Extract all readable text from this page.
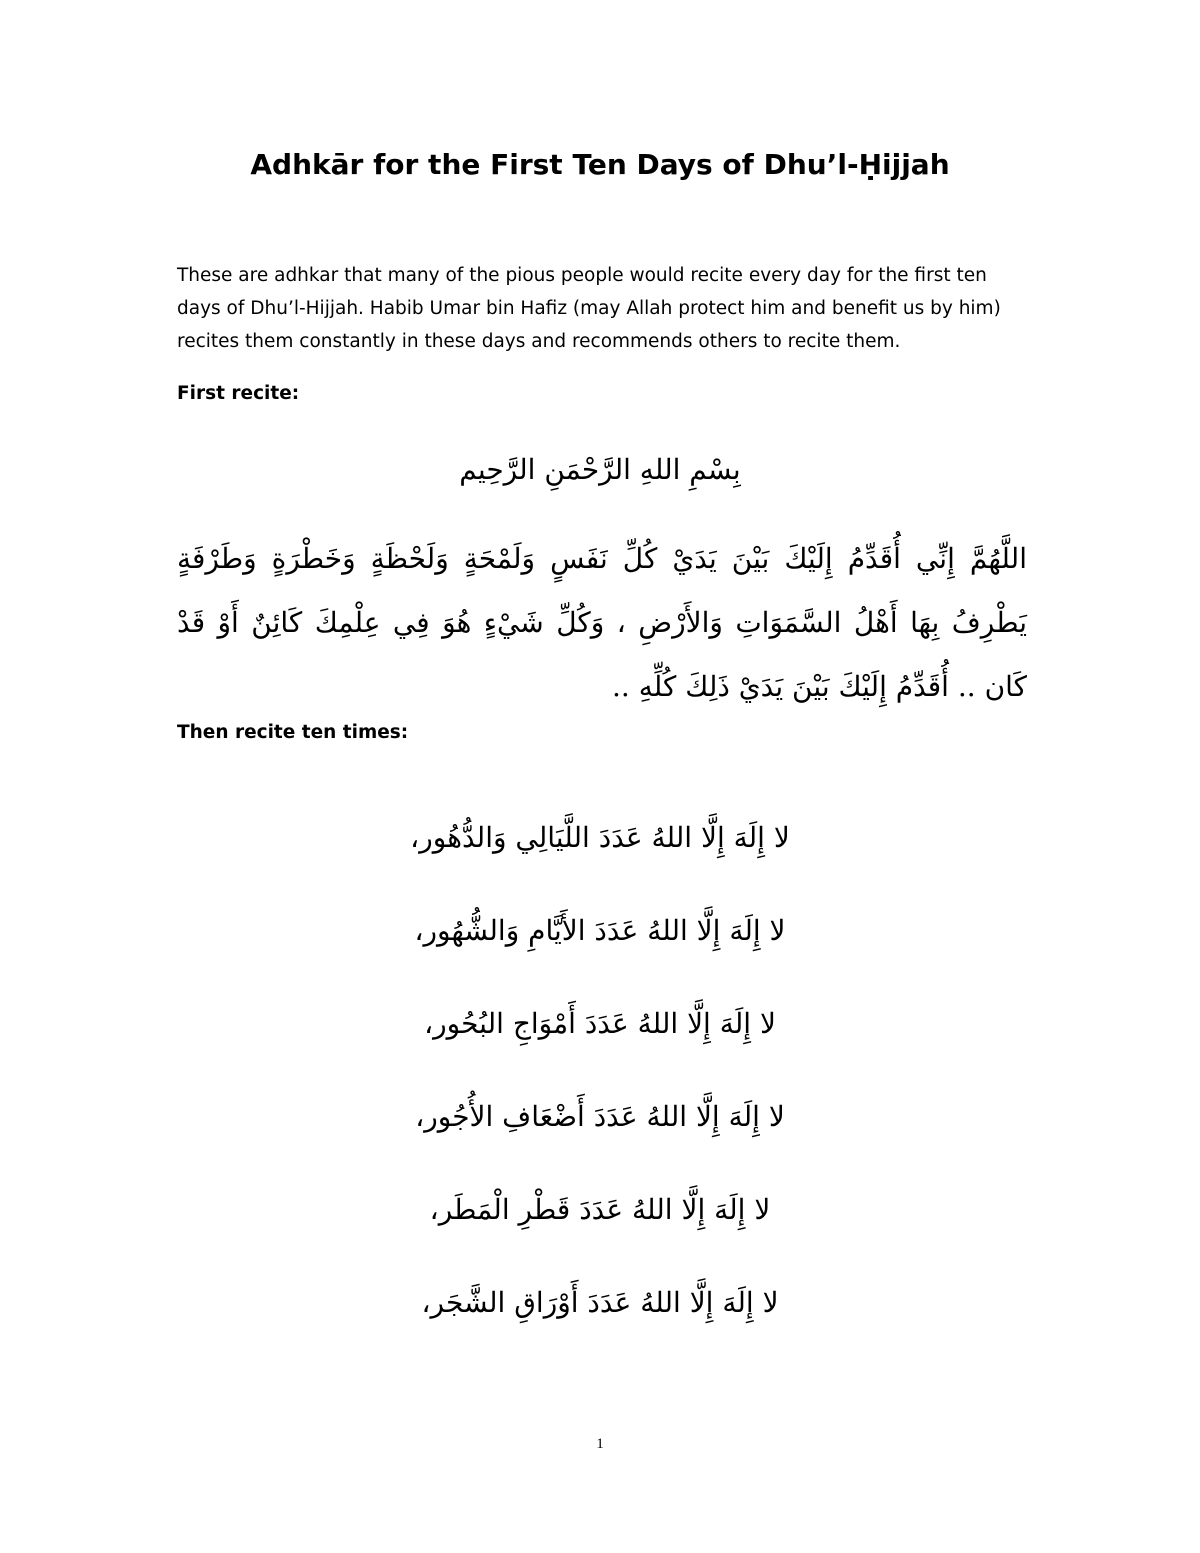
Adhkār for the First Ten Days of Dhu’l-Ḥijjah

These are adhkar that many of the pious people would recite every day for the first ten days of Dhu’l-Hijjah. Habib Umar bin Hafiz (may Allah protect him and benefit us by him) recites them constantly in these days and recommends others to recite them.

First recite:

بِسْمِ اللهِ الرَّحْمَنِ الرَّحِيم

اللَّهُمَّ إِنِّي أُقَدِّمُ إِلَيْكَ بَيْنَ يَدَيْ كُلِّ نَفَسٍ وَلَمْحَةٍ وَلَحْظَةٍ وَخَطْرَةٍ وَطَرْفَةٍ يَطْرِفُ بِهَا أَهْلُ السَّمَوَاتِ وَالأَرْضِ ، وَكُلِّ شَيْءٍ هُوَ فِي عِلْمِكَ كَائِنٌ أَوْ قَدْ كَان .. أُقَدِّمُ إِلَيْكَ بَيْنَ يَدَيْ ذَلِكَ كُلِّهِ ..

Then recite ten times:

لا إِلَهَ إِلَّا اللهُ عَدَدَ اللَّيَالِي وَالدُّهُور،
لا إِلَهَ إِلَّا اللهُ عَدَدَ الأَيَّامِ وَالشُّهُور،
لا إِلَهَ إِلَّا اللهُ عَدَدَ أَمْوَاجِ البُحُور،
لا إِلَهَ إِلَّا اللهُ عَدَدَ أَضْعَافِ الأُجُور،
لا إِلَهَ إِلَّا اللهُ عَدَدَ قَطْرِ الْمَطَر،
لا إِلَهَ إِلَّا اللهُ عَدَدَ أَوْرَاقِ الشَّجَر،

1
